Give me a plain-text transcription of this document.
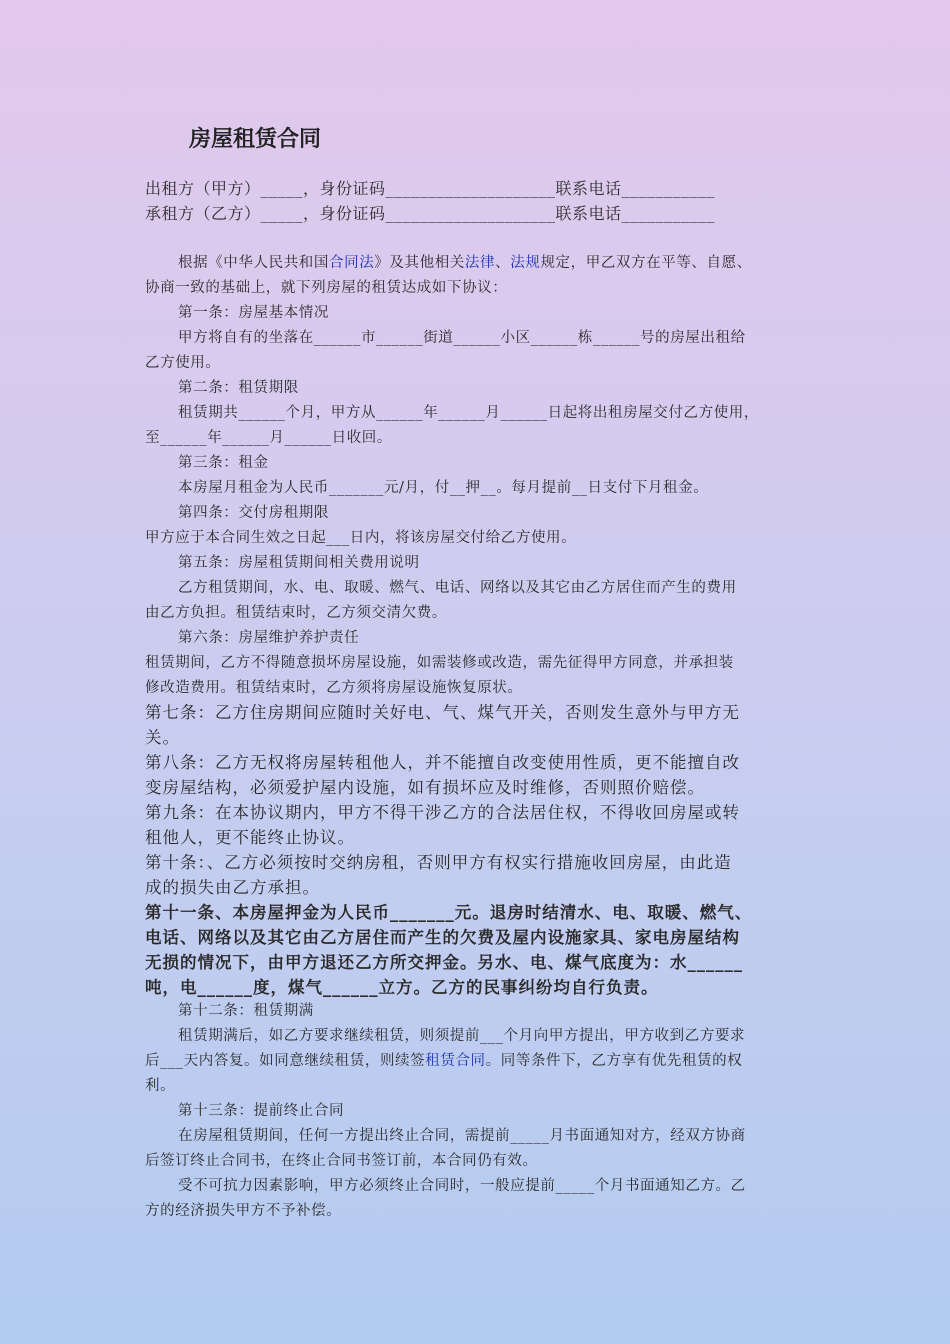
房屋租赁合同
出租方（甲方）_____，身份证码____________________联系电话___________
承租方（乙方）_____，身份证码____________________联系电话___________
根据《中华人民共和国合同法》及其他相关法律、法规规定，甲乙双方在平等、自愿、
协商一致的基础上，就下列房屋的租赁达成如下协议：
第一条：房屋基本情况
甲方将自有的坐落在______市______街道______小区______栋______号的房屋出租给
乙方使用。
第二条：租赁期限
租赁期共______个月，甲方从______年______月______日起将出租房屋交付乙方使用，
至______年______月______日收回。
第三条：租金
本房屋月租金为人民币_______元/月，付__押__。每月提前__日支付下月租金。
第四条：交付房租期限
甲方应于本合同生效之日起___日内，将该房屋交付给乙方使用。
第五条：房屋租赁期间相关费用说明
乙方租赁期间，水、电、取暖、燃气、电话、网络以及其它由乙方居住而产生的费用
由乙方负担。租赁结束时，乙方须交清欠费。
第六条：房屋维护养护责任
租赁期间，乙方不得随意损坏房屋设施，如需装修或改造，需先征得甲方同意，并承担装
修改造费用。租赁结束时，乙方须将房屋设施恢复原状。
第七条：乙方住房期间应随时关好电、气、煤气开关，否则发生意外与甲方无
关。
第八条：乙方无权将房屋转租他人，并不能擅自改变使用性质，更不能擅自改
变房屋结构，必须爱护屋内设施，如有损坏应及时维修，否则照价赔偿。
第九条：在本协议期内，甲方不得干涉乙方的合法居住权，不得收回房屋或转
租他人，更不能终止协议。
第十条：、乙方必须按时交纳房租，否则甲方有权实行措施收回房屋，由此造
成的损失由乙方承担。
第十一条、本房屋押金为人民币_______元。退房时结清水、电、取暖、燃气、
电话、网络以及其它由乙方居住而产生的欠费及屋内设施家具、家电房屋结构
无损的情况下，由甲方退还乙方所交押金。另水、电、煤气底度为：水______
吨，电______度，煤气______立方。乙方的民事纠纷均自行负责。
第十二条：租赁期满
租赁期满后，如乙方要求继续租赁，则须提前___个月向甲方提出，甲方收到乙方要求
后___天内答复。如同意继续租赁，则续签租赁合同。同等条件下，乙方享有优先租赁的权
利。
第十三条：提前终止合同
在房屋租赁期间，任何一方提出终止合同，需提前_____月书面通知对方，经双方协商
后签订终止合同书，在终止合同书签订前，本合同仍有效。
受不可抗力因素影响，甲方必须终止合同时，一般应提前_____个月书面通知乙方。乙
方的经济损失甲方不予补偿。
